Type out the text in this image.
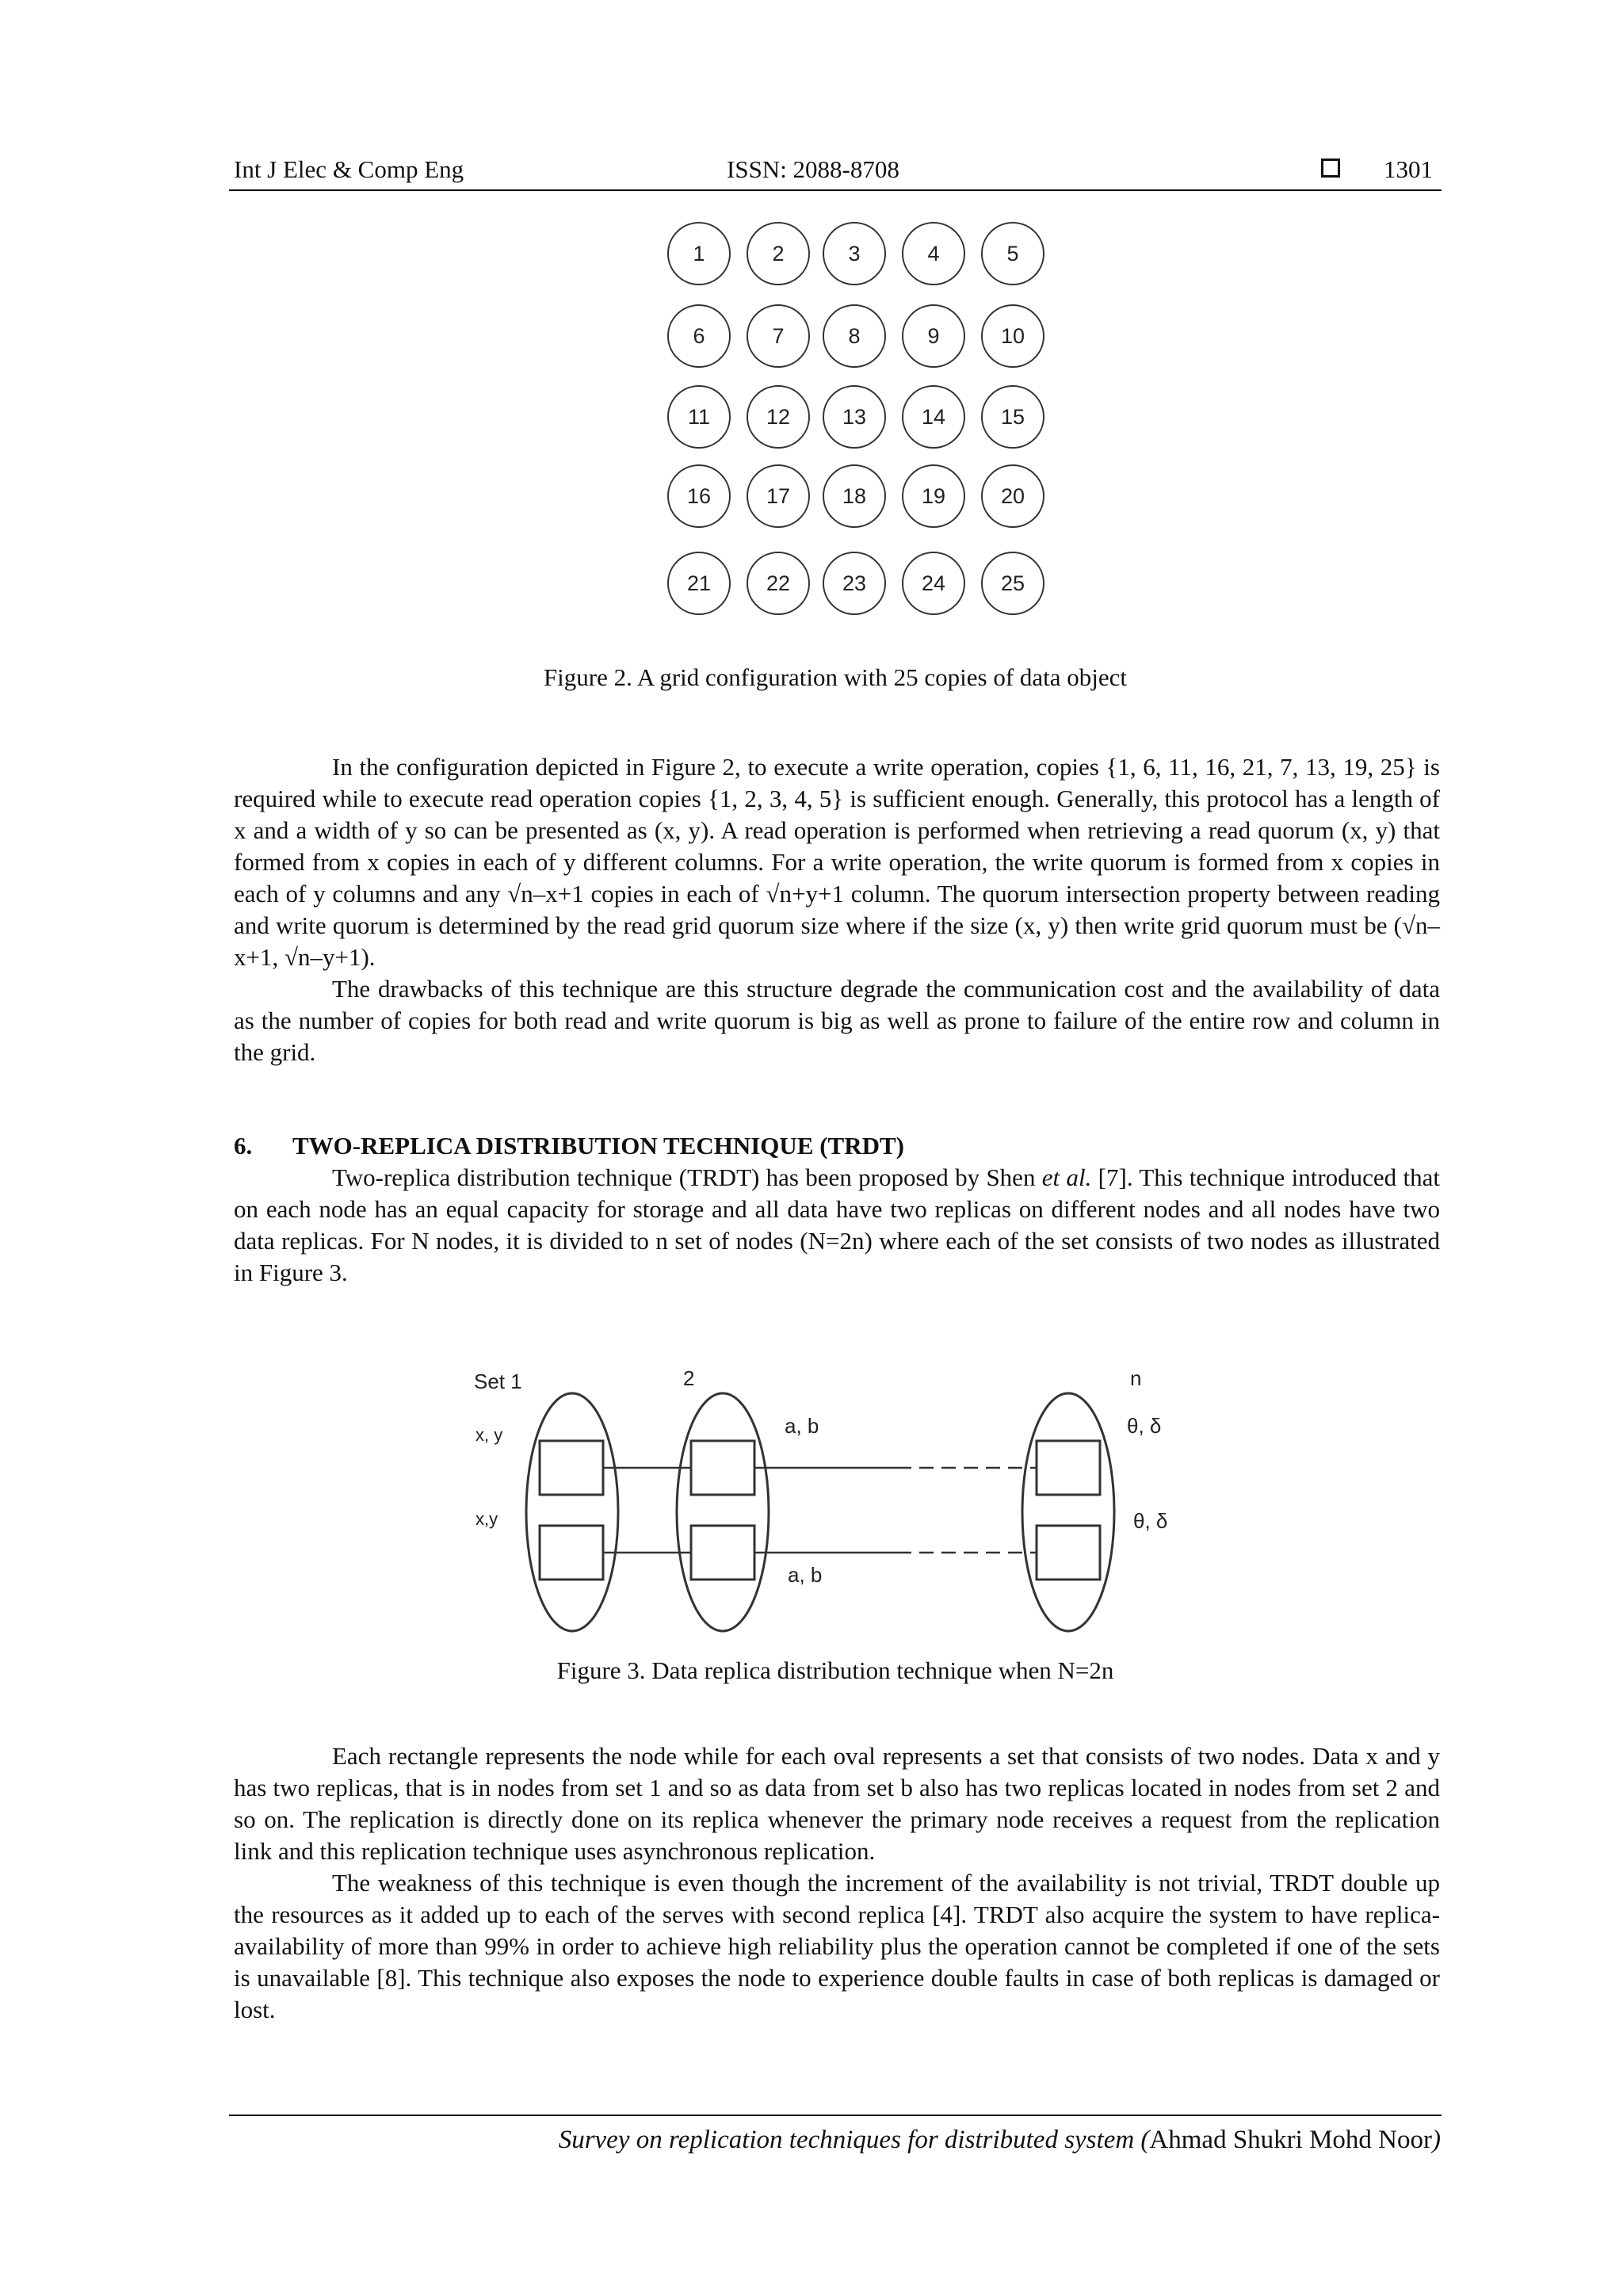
Int J Elec & Comp Eng	ISSN: 2088-8708	1301
1	2	3	4	5
6	7	8	9	10
11	12	13	14	15
16	17	18	19	20
21	22	23	24	25
Figure 2. A grid configuration with 25 copies of data object

In the configuration depicted in Figure 2, to execute a write operation, copies {1, 6, 11, 16, 21, 7, 13, 19, 25} is required while to execute read operation copies {1, 2, 3, 4, 5} is sufficient enough. Generally, this protocol has a length of x and a width of y so can be presented as (x, y). A read operation is performed when retrieving a read quorum (x, y) that formed from x copies in each of y different columns. For a write operation, the write quorum is formed from x copies in each of y columns and any √n–x+1 copies in each of √n+y+1 column. The quorum intersection property between reading and write quorum is determined by the read grid quorum size where if the size (x, y) then write grid quorum must be (√n–x+1, √n–y+1).

The drawbacks of this technique are this structure degrade the communication cost and the availability of data as the number of copies for both read and write quorum is big as well as prone to failure of the entire row and column in the grid.

6. TWO-REPLICA DISTRIBUTION TECHNIQUE (TRDT)

Two-replica distribution technique (TRDT) has been proposed by Shen et al. [7]. This technique introduced that on each node has an equal capacity for storage and all data have two replicas on different nodes and all nodes have two data replicas. For N nodes, it is divided to n set of nodes (N=2n) where each of the set consists of two nodes as illustrated in Figure 3.

Set 1	2	n
x, y
x,y
a, b
a, b
θ, δ
θ, δ
Figure 3. Data replica distribution technique when N=2n

Each rectangle represents the node while for each oval represents a set that consists of two nodes. Data x and y has two replicas, that is in nodes from set 1 and so as data from set b also has two replicas located in nodes from set 2 and so on. The replication is directly done on its replica whenever the primary node receives a request from the replication link and this replication technique uses asynchronous replication.

The weakness of this technique is even though the increment of the availability is not trivial, TRDT double up the resources as it added up to each of the serves with second replica [4]. TRDT also acquire the system to have replica-availability of more than 99% in order to achieve high reliability plus the operation cannot be completed if one of the sets is unavailable [8]. This technique also exposes the node to experience double faults in case of both replicas is damaged or lost.

Survey on replication techniques for distributed system (Ahmad Shukri Mohd Noor)
